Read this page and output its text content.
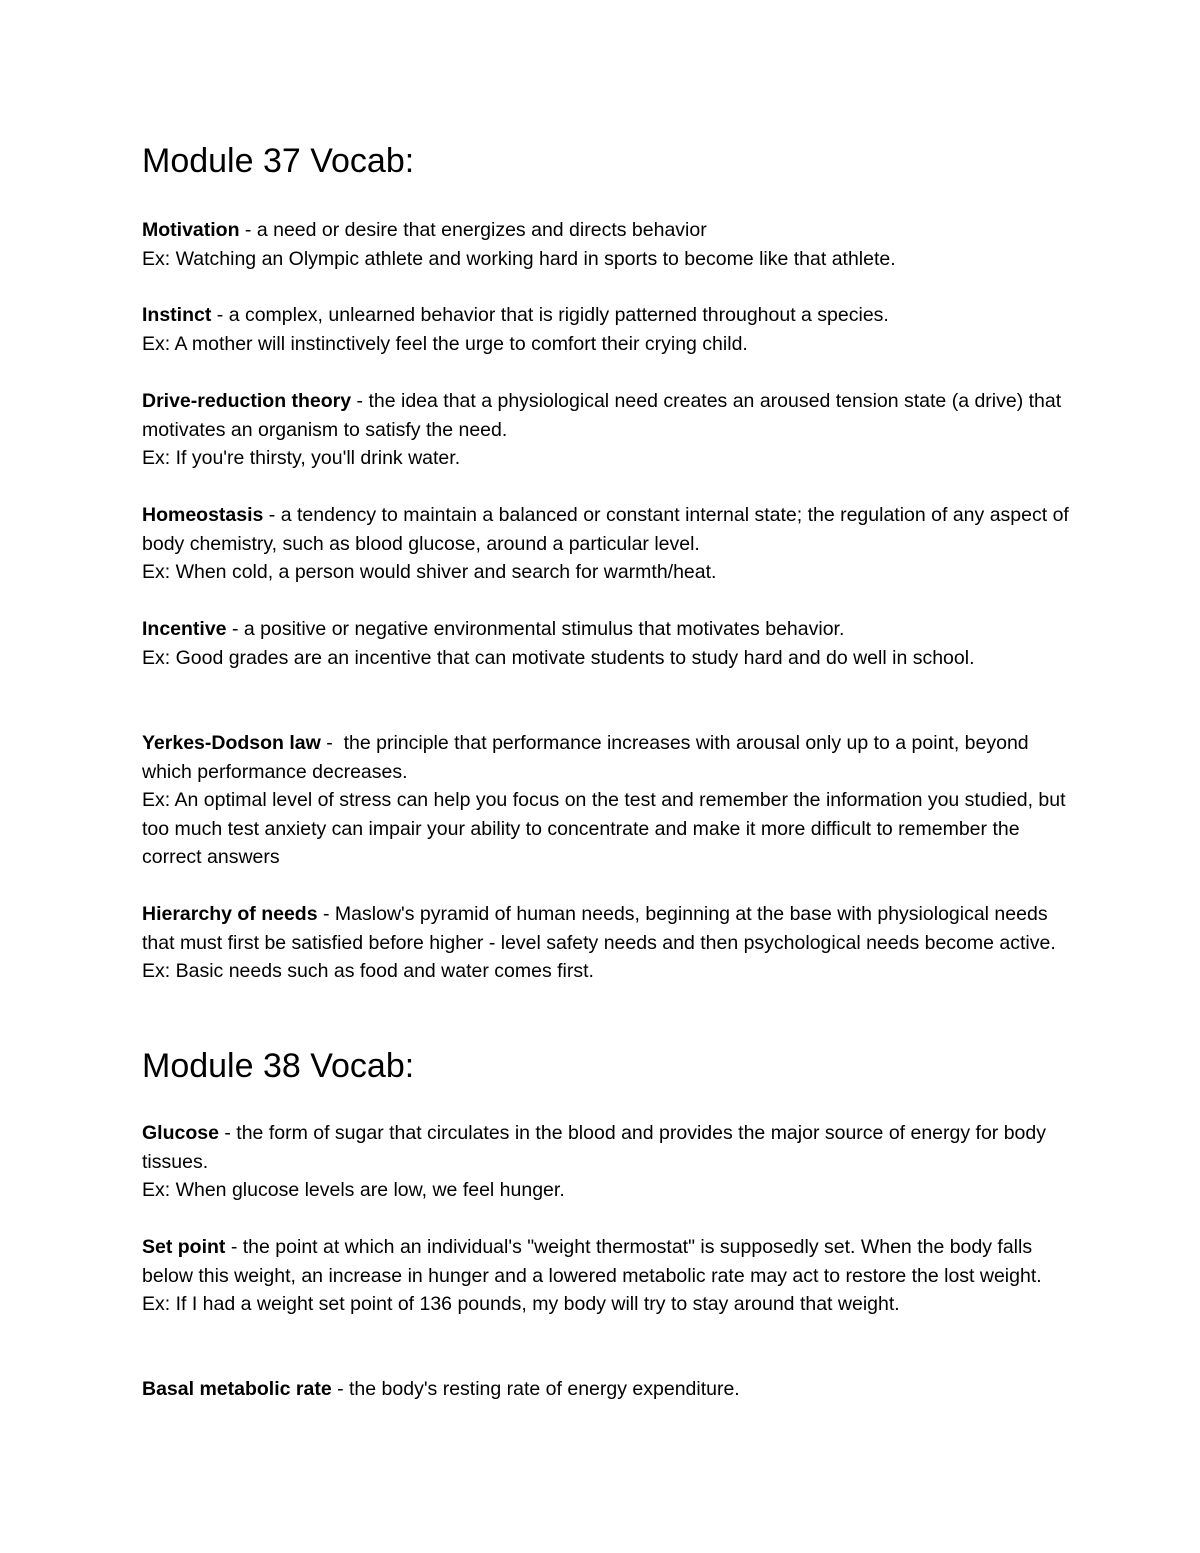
Module 37 Vocab:

Motivation - a need or desire that energizes and directs behavior

Ex: Watching an Olympic athlete and working hard in sports to become like that athlete.

Instinct - a complex, unlearned behavior that is rigidly patterned throughout a species.

Ex: A mother will instinctively feel the urge to comfort their crying child.

Drive-reduction theory - the idea that a physiological need creates an aroused tension state (a drive) that motivates an organism to satisfy the need.

Ex: If you're thirsty, you'll drink water.

Homeostasis - a tendency to maintain a balanced or constant internal state; the regulation of any aspect of body chemistry, such as blood glucose, around a particular level.

Ex: When cold, a person would shiver and search for warmth/heat.

Incentive - a positive or negative environmental stimulus that motivates behavior.

Ex: Good grades are an incentive that can motivate students to study hard and do well in school.

Yerkes-Dodson law -  the principle that performance increases with arousal only up to a point, beyond which performance decreases.

Ex: An optimal level of stress can help you focus on the test and remember the information you studied, but too much test anxiety can impair your ability to concentrate and make it more difficult to remember the correct answers

Hierarchy of needs - Maslow's pyramid of human needs, beginning at the base with physiological needs that must first be satisfied before higher - level safety needs and then psychological needs become active.

Ex: Basic needs such as food and water comes first.

Module 38 Vocab:

Glucose - the form of sugar that circulates in the blood and provides the major source of energy for body tissues.

Ex: When glucose levels are low, we feel hunger.

Set point - the point at which an individual's "weight thermostat" is supposedly set. When the body falls below this weight, an increase in hunger and a lowered metabolic rate may act to restore the lost weight.

Ex: If I had a weight set point of 136 pounds, my body will try to stay around that weight.

Basal metabolic rate - the body's resting rate of energy expenditure.
